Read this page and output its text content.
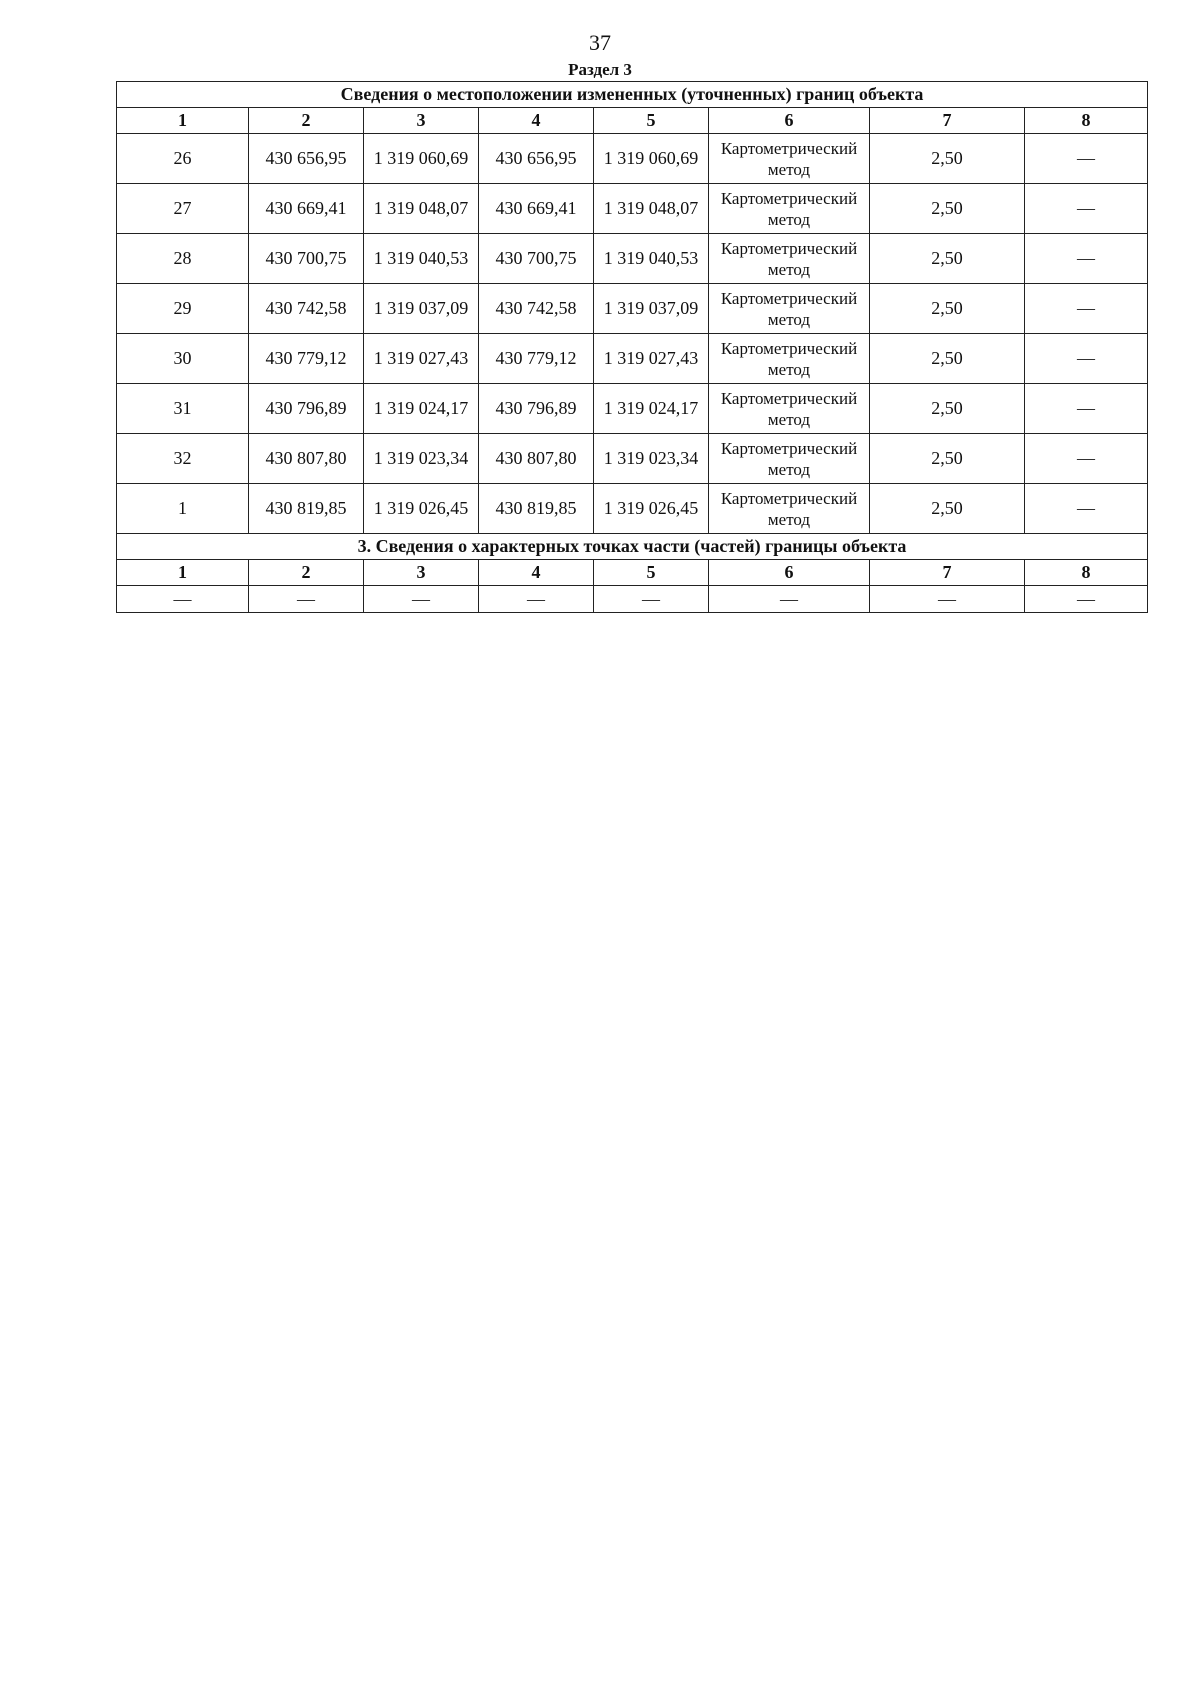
37
Раздел 3
Сведения о местоположении измененных (уточненных) границ объекта							
1	2	3	4	5	6	7	8
26	430 656,95	1 319 060,69	430 656,95	1 319 060,69	Картометрический метод	2,50	—
27	430 669,41	1 319 048,07	430 669,41	1 319 048,07	Картометрический метод	2,50	—
28	430 700,75	1 319 040,53	430 700,75	1 319 040,53	Картометрический метод	2,50	—
29	430 742,58	1 319 037,09	430 742,58	1 319 037,09	Картометрический метод	2,50	—
30	430 779,12	1 319 027,43	430 779,12	1 319 027,43	Картометрический метод	2,50	—
31	430 796,89	1 319 024,17	430 796,89	1 319 024,17	Картометрический метод	2,50	—
32	430 807,80	1 319 023,34	430 807,80	1 319 023,34	Картометрический метод	2,50	—
1	430 819,85	1 319 026,45	430 819,85	1 319 026,45	Картометрический метод	2,50	—
3. Сведения о характерных точках части (частей) границы объекта							
1	2	3	4	5	6	7	8
—	—	—	—	—	—	—	—
